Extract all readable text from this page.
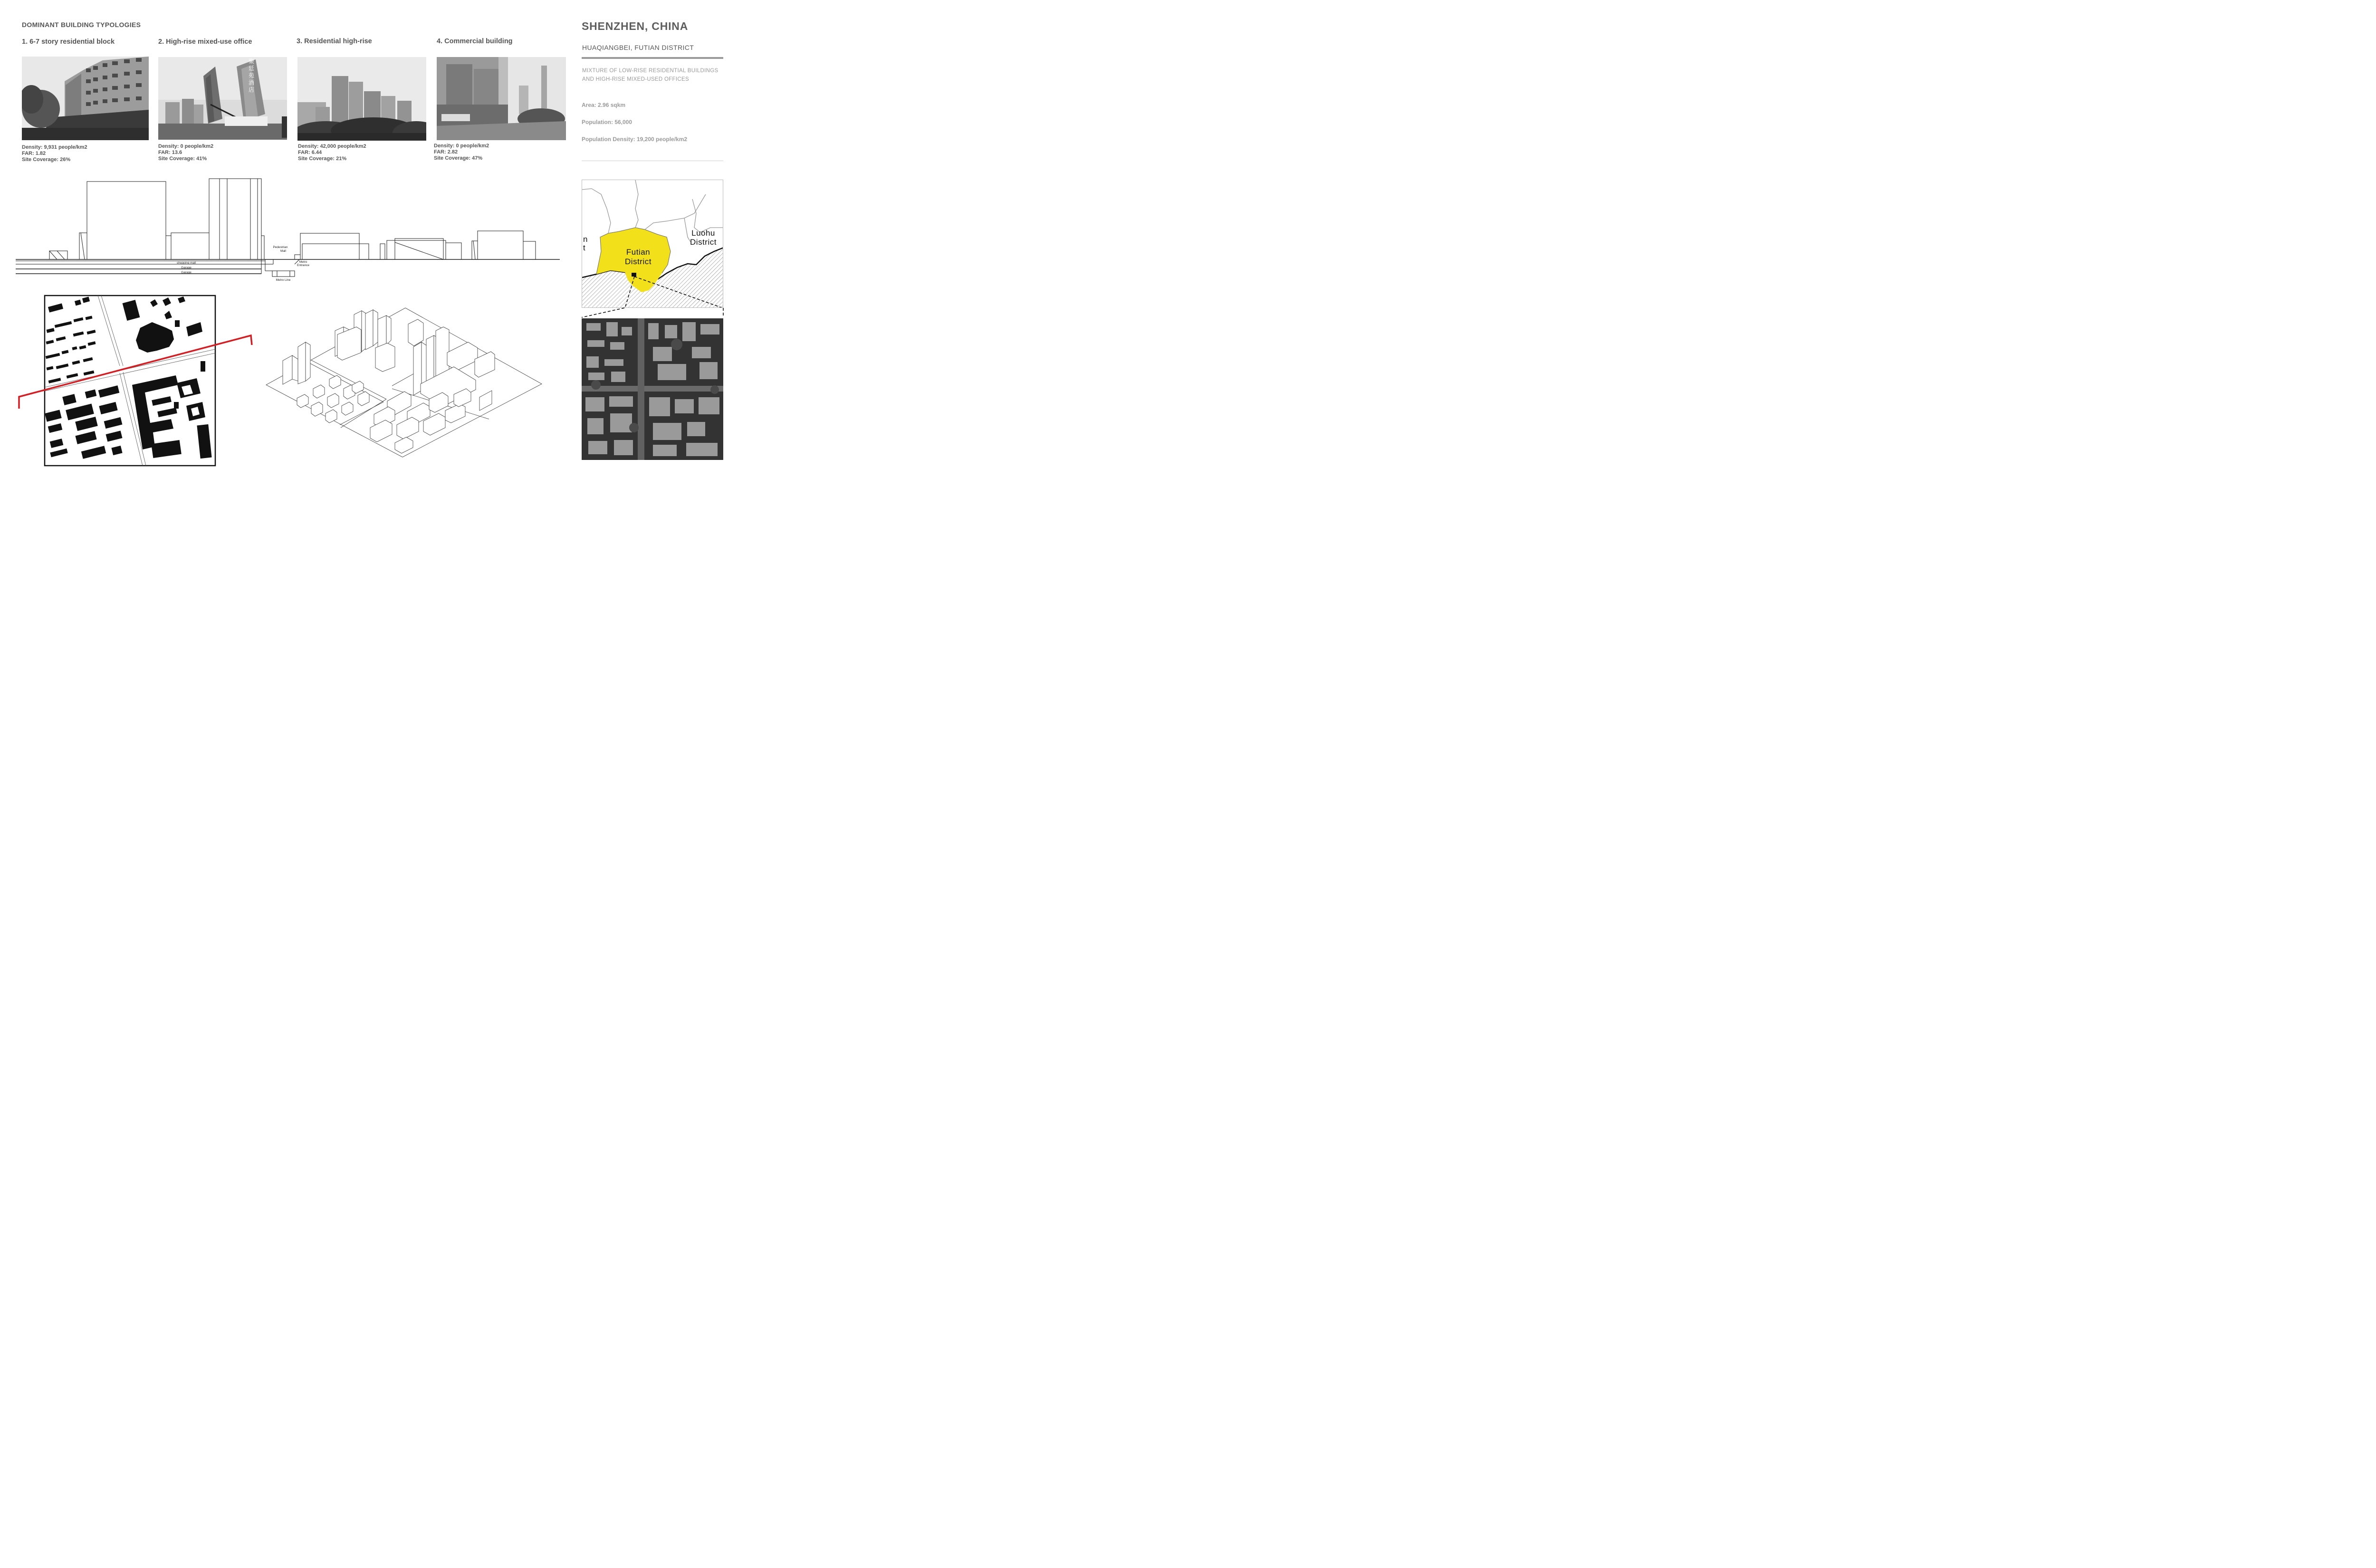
DOMINANT BUILDING TYPOLOGIES
1. 6-7 story residential block	2. High-rise mixed-use office	3. Residential high-rise	4. Commercial building
聚廷苑酒店
Density: 9,931 people/km2
FAR: 1.82
Site Coverage: 26%
Density: 0 people/km2
FAR: 13.6
Site Coverage: 41%
Density: 42,000 people/km2
FAR: 6.44
Site Coverage: 21%
Density: 0 people/km2
FAR: 2.82
Site Coverage: 47%
SHENZHEN, CHINA
HUAQIANGBEI, FUTIAN DISTRICT
MIXTURE OF LOW-RISE RESIDENTIAL BUILDINGS AND HIGH-RISE MIXED-USED OFFICES
Area: 2.96 sqkm
Population: 56,000
Population Density: 19,200 people/km2
Pedestrian
Mall
Metro
Entrance
shopping mall
Garage
Garage
Metro Line
n
t	Futian
District
Luohu
District
